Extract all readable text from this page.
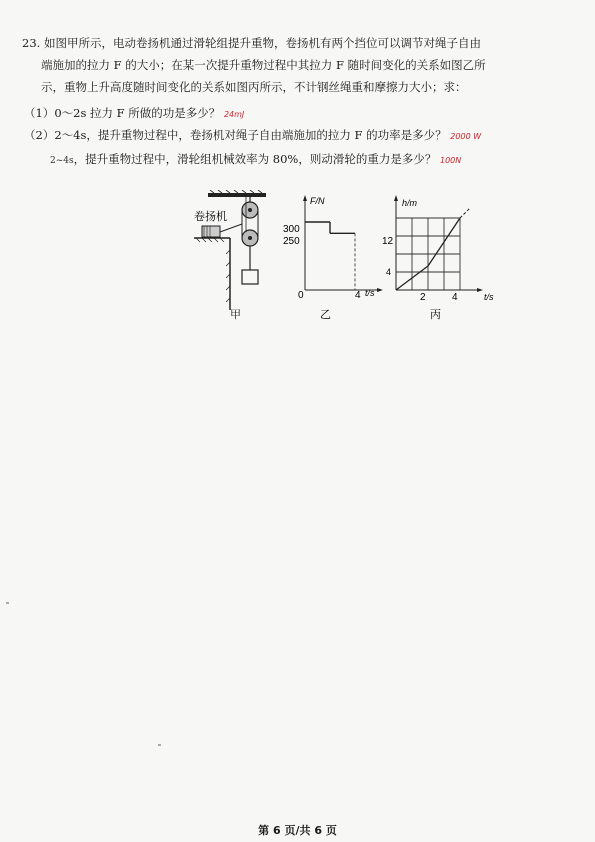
23. 如图甲所示，电动卷扬机通过滑轮组提升重物，卷扬机有两个挡位可以调节对绳子自由
端施加的拉力 F 的大小；在某一次提升重物过程中其拉力 F 随时间变化的关系如图乙所
示，重物上升高度随时间变化的关系如图丙所示，不计钢丝绳重和摩擦力大小；求：
（1）0～2s 拉力 F 所做的功是多少？ 24mJ
（2）2～4s，提升重物过程中，卷扬机对绳子自由端施加的拉力 F 的功率是多少？ 2000 W
2~4s，提升重物过程中，滑轮组机械效率为 80%，则动滑轮的重力是多少？ 100N
卷扬机
F/N
t/s
300
250
0	4
乙
h/m
t/s
12
4
2	4
丙
甲
第 6 页/共 6 页
